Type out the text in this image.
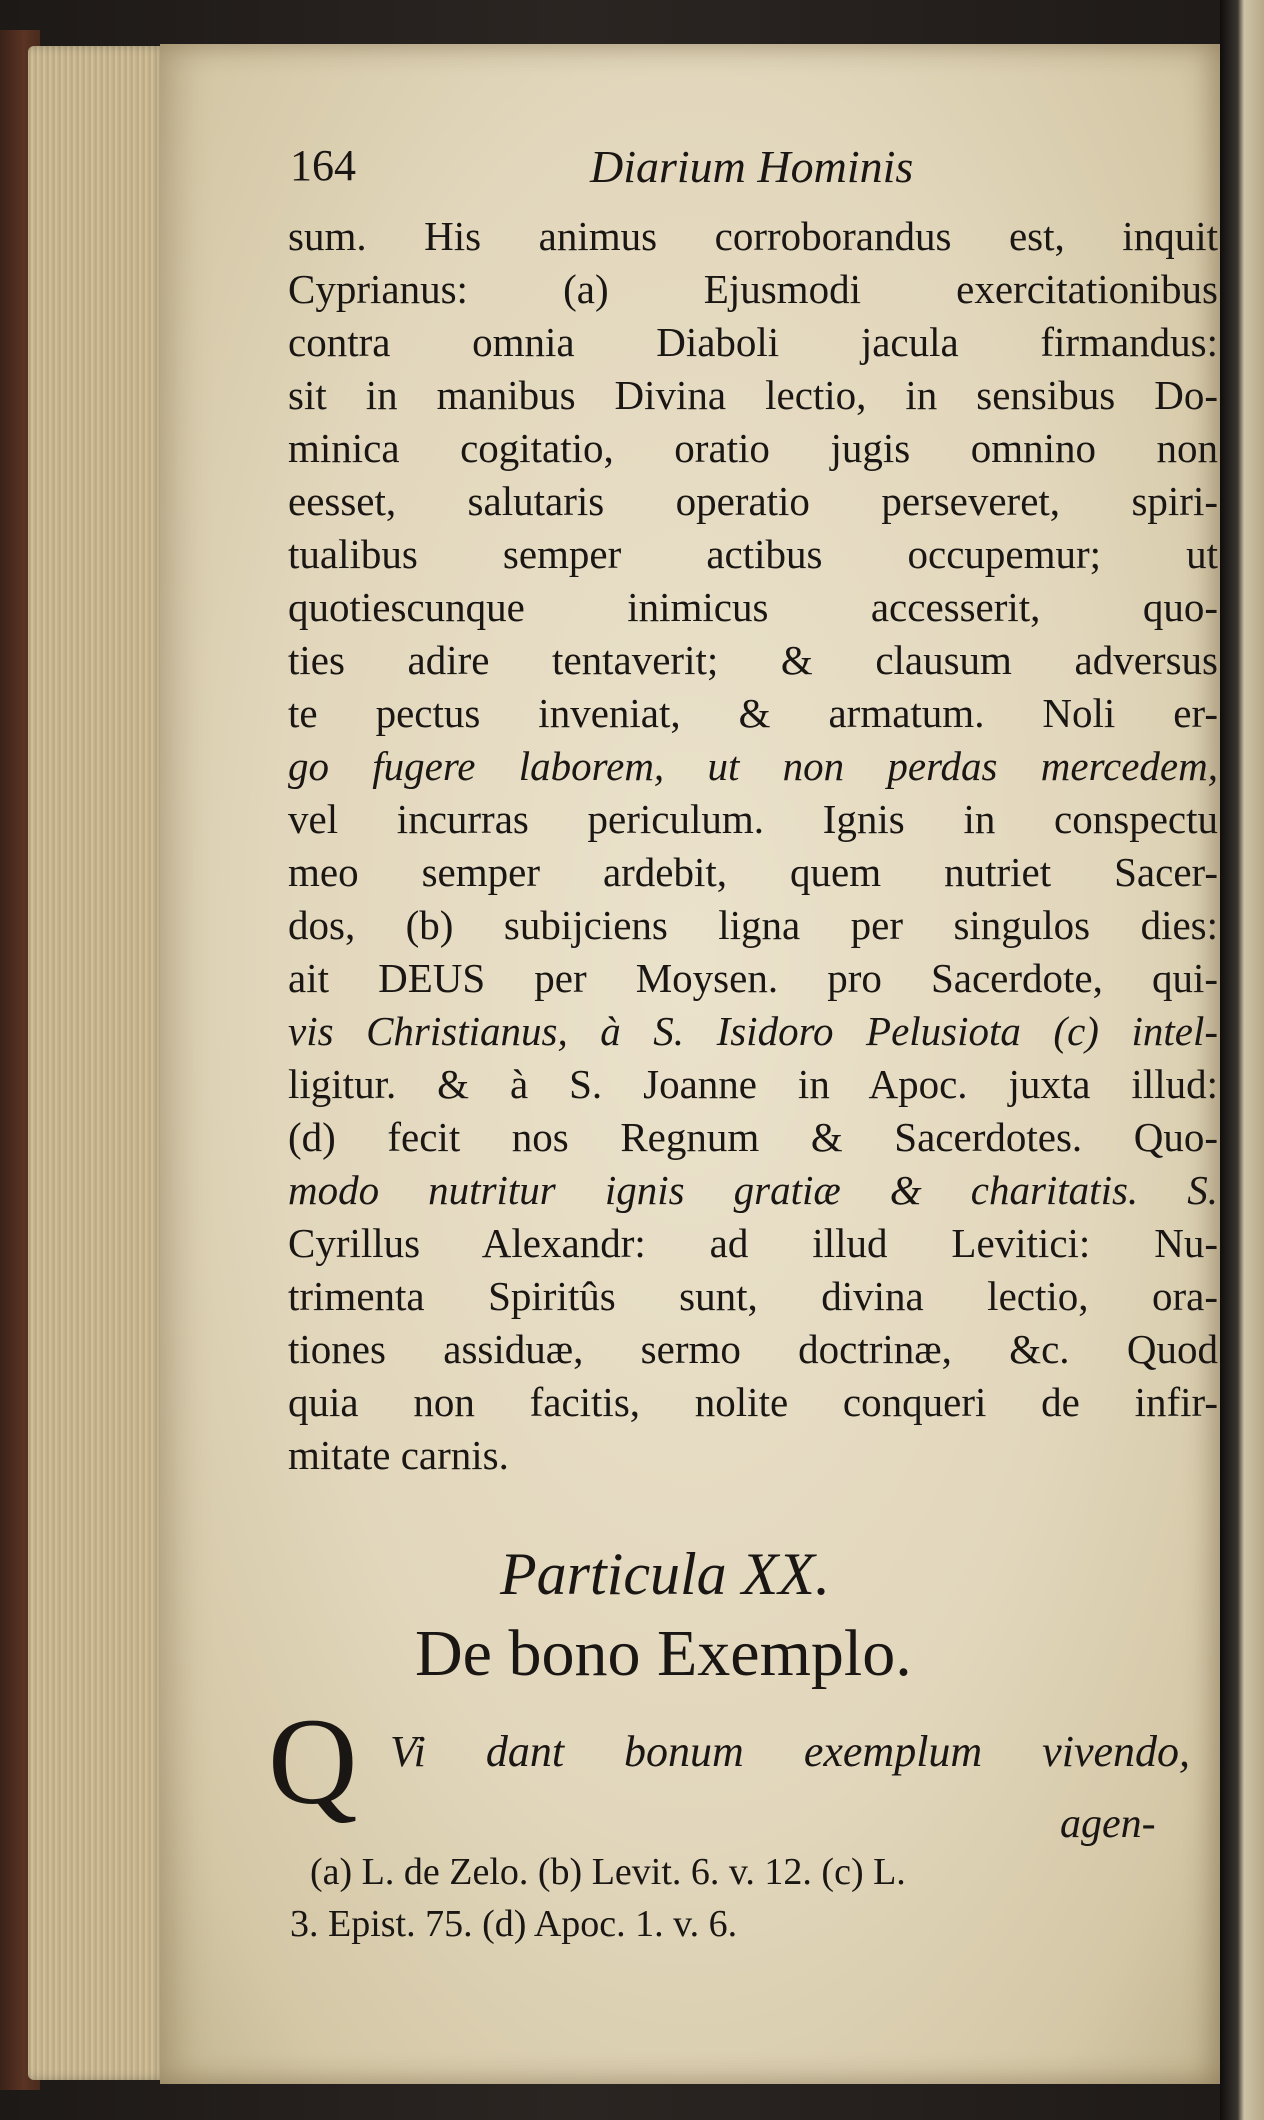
164	Diarium Hominis
sum. His animus corroborandus est, inquit
Cyprianus: (a) Ejusmodi exercitationibus
contra omnia Diaboli jacula firmandus:
sit in manibus Divina lectio, in sensibus Do-
minica cogitatio, oratio jugis omnino non
eesset, salutaris operatio perseveret, spiri-
tualibus semper actibus occupemur; ut
quotiescunque inimicus accesserit, quo-
ties adire tentaverit; & clausum adversus
te pectus inveniat, & armatum. Noli er-
go fugere laborem, ut non perdas mercedem,
vel incurras periculum. Ignis in conspectu
meo semper ardebit, quem nutriet Sacer-
dos, (b) subijciens ligna per singulos dies:
ait DEUS per Moysen. pro Sacerdote, qui-
vis Christianus, à S. Isidoro Pelusiota (c) intel-
ligitur. & à S. Joanne in Apoc. juxta illud:
(d) fecit nos Regnum & Sacerdotes. Quo-
modo nutritur ignis gratiæ & charitatis. S.
Cyrillus Alexandr: ad illud Levitici: Nu-
trimenta Spiritûs sunt, divina lectio, ora-
tiones assiduæ, sermo doctrinæ, &c. Quod
quia non facitis, nolite conqueri de infir-
mitate carnis.
Particula XX.
De bono Exemplo.
Q Vi dant bonum exemplum vivendo,
agen-
(a) L. de Zelo. (b) Levit. 6. v. 12. (c) L.
3. Epist. 75. (d) Apoc. 1. v. 6.
